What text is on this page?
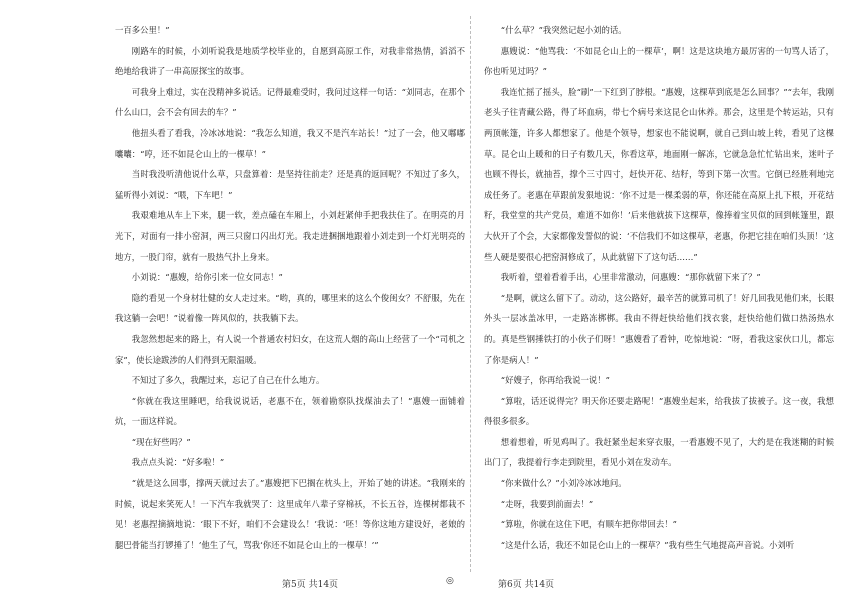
一百多公里！”

刚路车的时候，小刘听说我是地质学校毕业的，自愿到高原工作，对我非常热情，滔滔不绝地给我讲了一串高原探宝的故事。

可我身上难过，实在没精神多说话。记得最难受时，我问过这样一句话：“刘同志，在那个什么山口，会不会有回去的车？”

他扭头看了看我，冷冰冰地说：“我怎么知道，我又不是汽车站长！”过了一会，他又嘟嘟囔囔：“哼，还不如昆仑山上的一棵草！”

当时我没听清他说什么草，只盘算着：是坚持往前走？还是真的返回呢？不知过了多久，猛听得小刘说：“喂，下车吧！”

我艰难地从车上下来，腿一软，差点磕在车厢上，小刘赶紧伸手把我扶住了。在明亮的月光下，对面有一排小窑洞，两三只窗口闪出灯光。我走进捆捆地跟着小刘走到一个灯光明亮的地方，一股门帘，就有一股热气扑上身来。

小刘说：“惠嫂，给你引来一位女同志！”

隐约看见一个身材壮健的女人走过来。“哟，真的，哪里来的这么个俊闺女？不舒服，先在我这躺一会吧！”说着像一阵风似的，扶我躺下去。

我忽然想起来的路上，有人说一个普通农村妇女，在这荒人烟的高山上经营了一个“司机之家”，使长途跋涉的人们得到无限温暖。

不知过了多久，我醒过来，忘记了自己在什么地方。

“你就在我这里睡吧，给我说说话，老惠不在，领着勘察队找煤油去了！”惠嫂一面铺着炕，一面这样说。

“现在好些吗？”

我点点头说：“好多啦！”

“就是这么回事，撑两天就过去了。”惠嫂把下巴搁在枕头上，开始了她的讲述。“我刚来的时候，说起来笑死人！一下汽车我就哭了：这里成年八辈子穿棉袄，不长五谷，连棵树都栽不见！老惠捏摘摘地说：‘眼下不好，咱们不会建设么！’我说：‘呸！等你这地方建设好，老娘的腿巴骨能当打锣捶了！’他生了气，骂我‘你还不如昆仑山上的一棵草！’”

“什么草？”我突然记起小刘的话。

惠嫂说：“他骂我：‘不如昆仑山上的一棵草’，啊！这是这块地方最厉害的一句骂人话了，你也听见过吗？”

我连忙摇了摇头，脸“刷”一下红到了脖根。“惠嫂，这棵草到底是怎么回事？”“去年，我刚老头子往青藏公路，得了坏血病，带七个病号来这昆仑山休养。那会，这里是个转运站，只有两顶帐篷，许多人都想家了。他是个领导，想家也不能说啊，就自己到山坡上转，看见了这棵草。昆仑山上暖和的日子有数几天，你看这草，地面刚一解冻，它就急急忙忙钻出来，迷叶子也顾不得长，就抽苔，撑个三寸四寸，赶快开花、结籽，等到下第一次雪。它倒已经胜利地完成任务了。老惠在草跟前发狠地说：‘你不过是一棵柔弱的草，你还能在高原上扎下根，开花结籽，我堂堂的共产党员，难道不如你！’后来他就拔下这棵草，像捧着宝贝似的回到帐篷里，跟大伙开了个会，大家都像发誓似的说：‘不信我们不如这棵草，老惠，你把它挂在咱们头顶！’这些人硬是要很心把窑洞修成了，从此就留下了这句话……”

我听着，望着看着手出，心里非常激动，问惠嫂：“那你就留下来了？”

“是啊，就这么留下了。动动，这公路好，最辛苦的就算司机了！好几回我见他们来，长眼外头一层冰盖冰甲，一走路冻梆梆。我由不得赶快给他们找衣裳，赶快给他们做口热汤热水的。真是些钢捶铁打的小伙子们呀！”惠嫂看了看钟，吃惊地说：“呀，看我这家伙口儿，都忘了你是病人！”

“好嫂子，你再给我说一说！”

“算啦，话还说得完？明天你还要走路呢！”惠嫂坐起来，给我拔了拔被子。这一夜，我想得很多很多。

想着想着，听见鸡叫了。我赶紧坐起来穿衣服，一看惠嫂不见了，大约是在我迷糊的时候出门了，我提着行李走到院里，看见小刘在发动车。

“你来做什么？”小刘冷冰冰地问。

“走呀，我要到前面去！”

“算啦，你就在这住下吧，有顺车把你带回去！”

“这是什么话，我还不如昆仑山上的一棵草？”我有些生气地提高声音说。小刘听

第5页 共14页	◎	第6页 共14页
